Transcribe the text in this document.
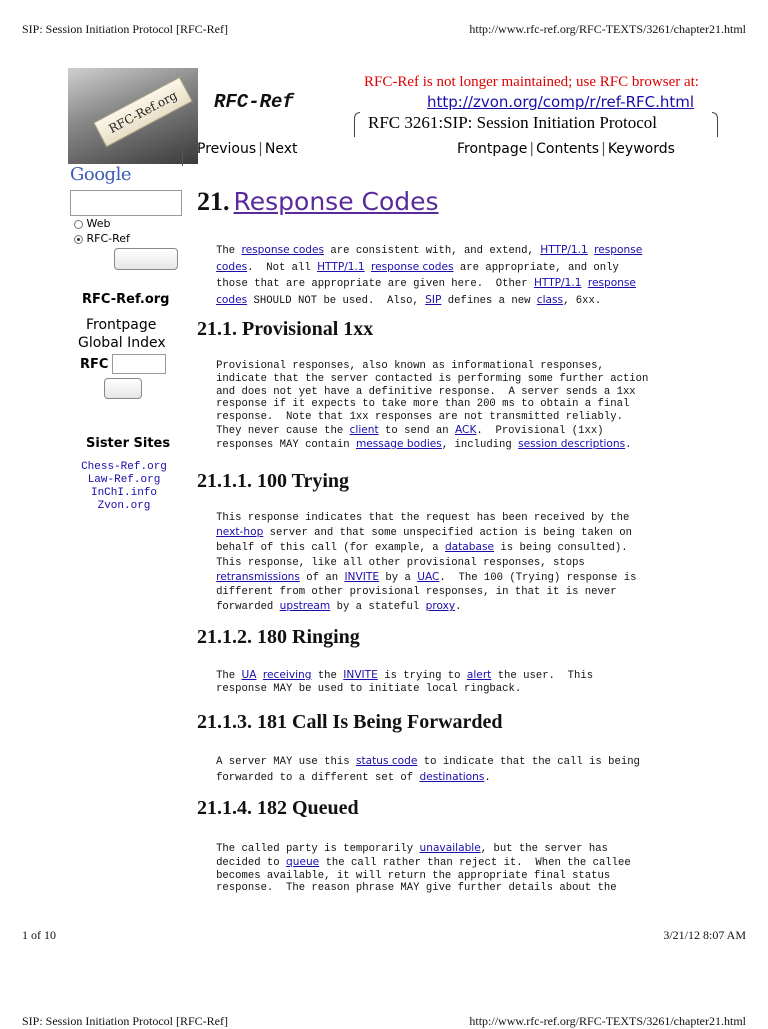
SIP: Session Initiation Protocol [RFC-Ref]	http://www.rfc-ref.org/RFC-TEXTS/3261/chapter21.html
RFC-Ref.org	RFC-Ref
RFC-Ref is not longer maintained; use RFC browser at:
http://zvon.org/comp/r/ref-RFC.html
RFC 3261:SIP: Session Initiation Protocol
Previous | Next	Frontpage | Contents | Keywords
Google
Web
RFC-Ref
RFC-Ref.org
Frontpage
Global Index
RFC
Sister Sites
Chess-Ref.org
Law-Ref.org
InChI.info
Zvon.org
21. Response Codes
The response codes are consistent with, and extend, HTTP/1.1 response
codes.  Not all HTTP/1.1 response codes are appropriate, and only
those that are appropriate are given here.  Other HTTP/1.1 response
codes SHOULD NOT be used.  Also, SIP defines a new class, 6xx.
21.1. Provisional 1xx
Provisional responses, also known as informational responses,
indicate that the server contacted is performing some further action
and does not yet have a definitive response.  A server sends a 1xx
response if it expects to take more than 200 ms to obtain a final
response.  Note that 1xx responses are not transmitted reliably.
They never cause the client to send an ACK.  Provisional (1xx)
responses MAY contain message bodies, including session descriptions.
21.1.1. 100 Trying
This response indicates that the request has been received by the
next-hop server and that some unspecified action is being taken on
behalf of this call (for example, a database is being consulted).
This response, like all other provisional responses, stops
retransmissions of an INVITE by a UAC.  The 100 (Trying) response is
different from other provisional responses, in that it is never
forwarded upstream by a stateful proxy.
21.1.2. 180 Ringing
The UA receiving the INVITE is trying to alert the user.  This
response MAY be used to initiate local ringback.
21.1.3. 181 Call Is Being Forwarded
A server MAY use this status code to indicate that the call is being
forwarded to a different set of destinations.
21.1.4. 182 Queued
The called party is temporarily unavailable, but the server has
decided to queue the call rather than reject it.  When the callee
becomes available, it will return the appropriate final status
response.  The reason phrase MAY give further details about the
1 of 10	3/21/12 8:07 AM
SIP: Session Initiation Protocol [RFC-Ref]	http://www.rfc-ref.org/RFC-TEXTS/3261/chapter21.html
